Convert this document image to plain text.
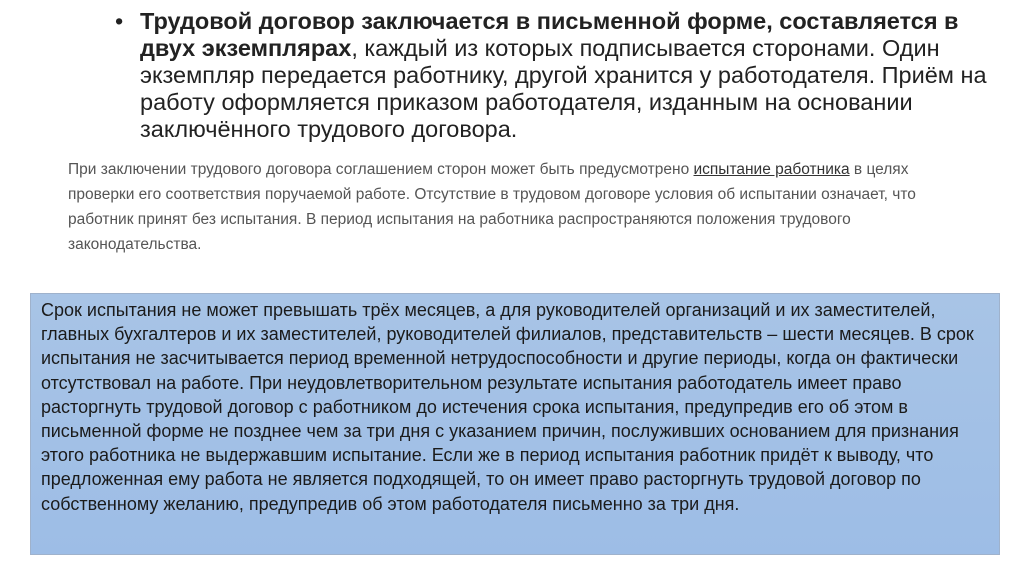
• Трудовой договор заключается в письменной форме, составляется в двух экземплярах, каждый из которых подписывается сторонами. Один экземпляр передается работнику, другой хранится у работодателя. Приём на работу оформляется приказом работодателя, изданным на основании заключённого трудового договора.
При заключении трудового договора соглашением сторон может быть предусмотрено испытание работника в целях проверки его соответствия поручаемой работе. Отсутствие в трудовом договоре условия об испытании означает, что работник принят без испытания. В период испытания на работника распространяются положения трудового законодательства.
Срок испытания не может превышать трёх месяцев, а для руководителей организаций и их заместителей, главных бухгалтеров и их заместителей, руководителей филиалов, представительств – шести месяцев. В срок испытания не засчитывается период временной нетрудоспособности и другие периоды, когда он фактически отсутствовал на работе. При неудовлетворительном результате испытания работодатель имеет право расторгнуть трудовой договор с работником до истечения срока испытания, предупредив его об этом в письменной форме не позднее чем за три дня с указанием причин, послуживших основанием для признания этого работника не выдержавшим испытание. Если же в период испытания работник придёт к выводу, что предложенная ему работа не является подходящей, то он имеет право расторгнуть трудовой договор по собственному желанию, предупредив об этом работодателя письменно за три дня.
